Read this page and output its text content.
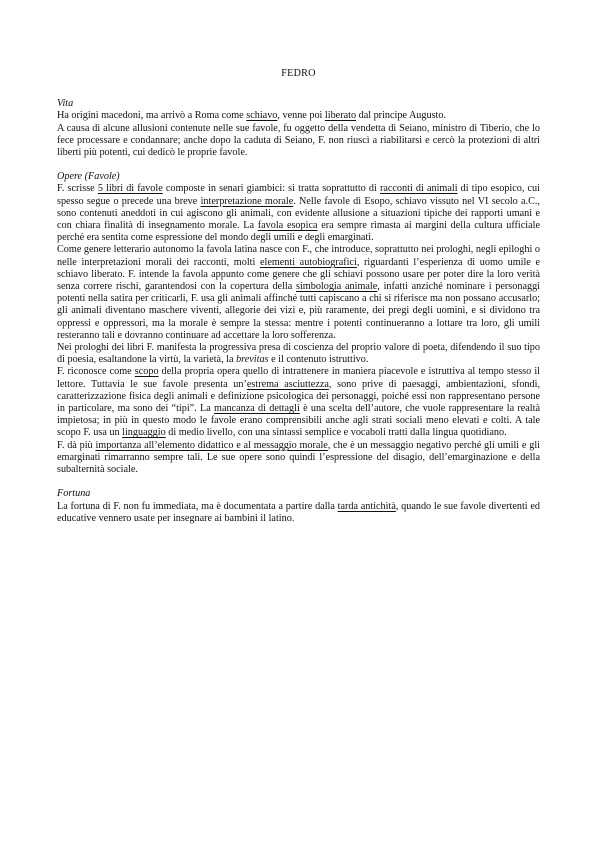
FEDRO

Vita

Ha origini macedoni, ma arrivò a Roma come schiavo, venne poi liberato dal principe Augusto.

A causa di alcune allusioni contenute nelle sue favole, fu oggetto della vendetta di Seiano, ministro di Tiberio, che lo fece processare e condannare; anche dopo la caduta di Seiano, F. non riuscì a riabilitarsi e cercò la protezioni di altri liberti più potenti, cui dedicò le proprie favole.

Opere (Favole)

F. scrisse 5 libri di favole composte in senari giambici: si tratta soprattutto di racconti di animali di tipo esopico, cui spesso segue o precede una breve interpretazione morale. Nelle favole di Esopo, schiavo vissuto nel VI secolo a.C., sono contenuti aneddoti in cui agiscono gli animali, con evidente allusione a situazioni tipiche dei rapporti umani e con chiara finalità di insegnamento morale. La favola esopica era sempre rimasta ai margini della cultura ufficiale perché era sentita come espressione del mondo degli umili e degli emarginati.

Come genere letterario autonomo la favola latina nasce con F., che introduce, soprattutto nei prologhi, negli epiloghi o nelle interpretazioni morali dei racconti, molti elementi autobiografici, riguardanti l’esperienza di uomo umile e schiavo liberato. F. intende la favola appunto come genere che gli schiavi possono usare per poter dire la loro verità senza correre rischi, garantendosi con la copertura della simbologia animale, infatti anziché nominare i personaggi potenti nella satira per criticarli, F. usa gli animali affinché tutti capiscano a chi si riferisce ma non possano accusarlo; gli animali diventano maschere viventi, allegorie dei vizi e, più raramente, dei pregi degli uomini, e si dividono tra oppressi e oppressori, ma la morale è sempre la stessa: mentre i potenti continueranno a lottare tra loro, gli umili resteranno tali e dovranno continuare ad accettare la loro sofferenza.

Nei prologhi dei libri F. manifesta la progressiva presa di coscienza del proprio valore di poeta, difendendo il suo tipo di poesia, esaltandone la virtù, la varietà, la brevitas e il contenuto istruttivo.

F. riconosce come scopo della propria opera quello di intrattenere in maniera piacevole e istruttiva al tempo stesso il lettore. Tuttavia le sue favole presenta un’estrema asciuttezza, sono prive di paesaggi, ambientazioni, sfondi, caratterizzazione fisica degli animali e definizione psicologica dei personaggi, poiché essi non rappresentano persone in particolare, ma sono dei “tipi”. La mancanza di dettagli è una scelta dell’autore, che vuole rappresentare la realtà impietosa; in più in questo modo le favole erano comprensibili anche agli strati sociali meno elevati e colti. A tale scopo F. usa un linguaggio di medio livello, con una sintassi semplice e vocaboli tratti dalla lingua quotidiano.

F. dà più importanza all’elemento didattico e al messaggio morale, che è un messaggio negativo perché gli umili e gli emarginati rimarranno sempre tali. Le sue opere sono quindi l’espressione del disagio, dell’emarginazione e della subalternità sociale.

Fortuna

La fortuna di F. non fu immediata, ma è documentata a partire dalla tarda antichità, quando le sue favole divertenti ed educative vennero usate per insegnare ai bambini il latino.
